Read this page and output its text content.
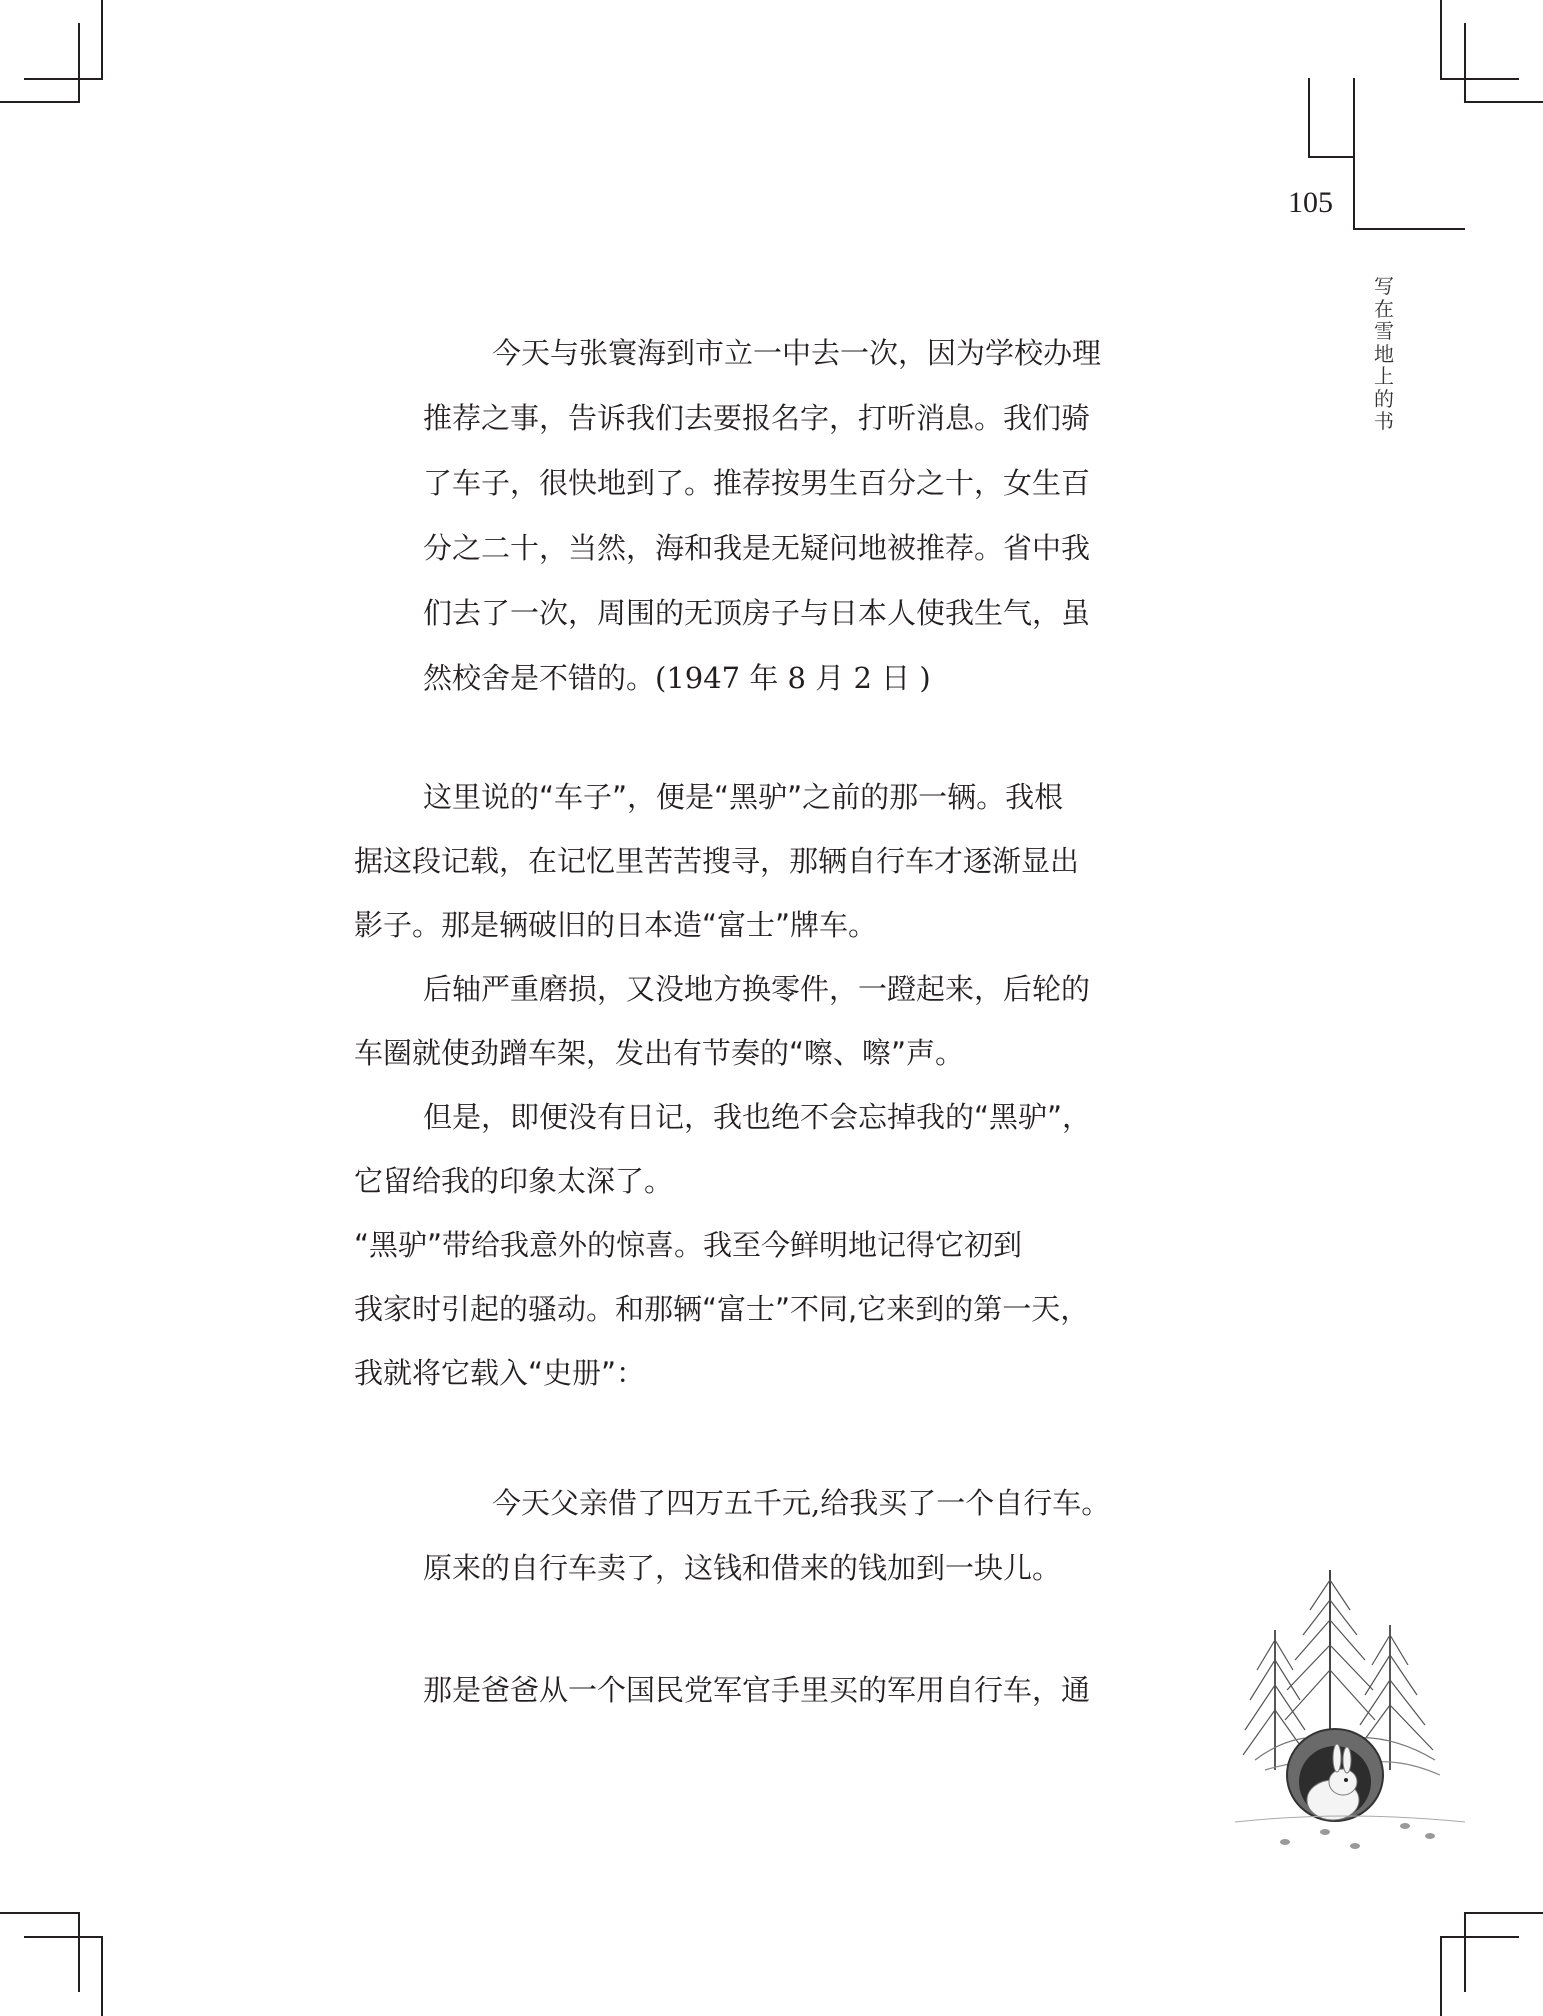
105
写
在
雪
地
上
的
书
今天与张寰海到市立一中去一次，因为学校办理
推荐之事，告诉我们去要报名字，打听消息。我们骑
了车子，很快地到了。推荐按男生百分之十，女生百
分之二十，当然，海和我是无疑问地被推荐。省中我
们去了一次，周围的无顶房子与日本人使我生气，虽
然校舍是不错的。(1947 年 8 月 2 日 )
这里说的“车子”，便是“黑驴”之前的那一辆。我根
据这段记载，在记忆里苦苦搜寻，那辆自行车才逐渐显出
影子。那是辆破旧的日本造“富士”牌车。
后轴严重磨损，又没地方换零件，一蹬起来，后轮的
车圈就使劲蹭车架，发出有节奏的“嚓、嚓”声。
但是，即便没有日记，我也绝不会忘掉我的“黑驴”，
它留给我的印象太深了。
“黑驴”带给我意外的惊喜。我至今鲜明地记得它初到
我家时引起的骚动。和那辆“富士”不同,它来到的第一天，
我就将它载入“史册”：
今天父亲借了四万五千元,给我买了一个自行车。
原来的自行车卖了，这钱和借来的钱加到一块儿。
那是爸爸从一个国民党军官手里买的军用自行车，通
